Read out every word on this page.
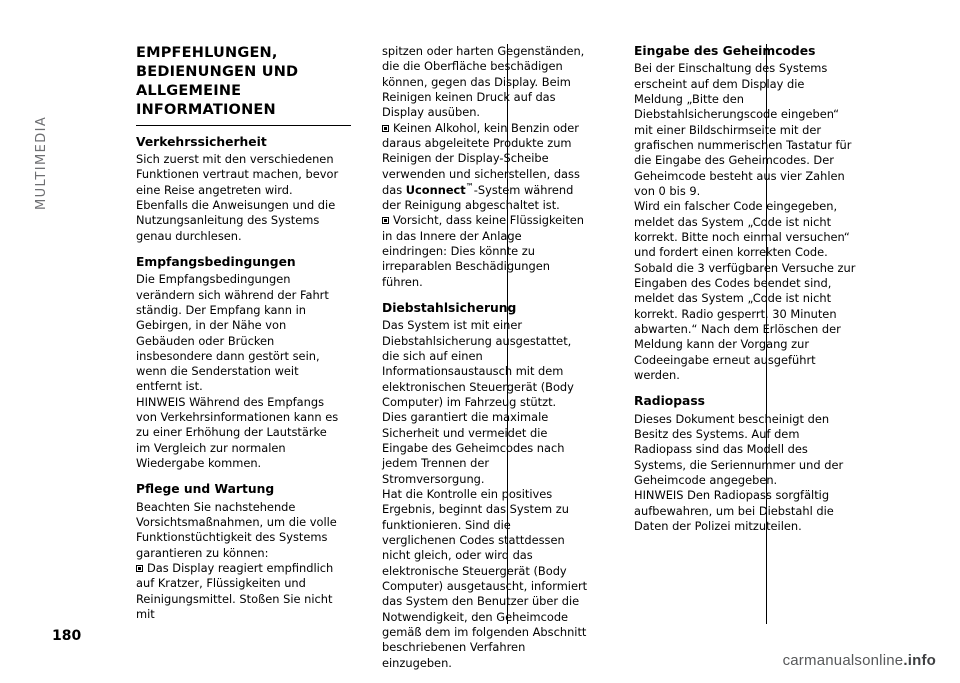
MULTIMEDIA
180
EMPFEHLUNGEN, BEDIENUNGEN UND ALLGEMEINE INFORMATIONEN
Verkehrssicherheit

Sich zuerst mit den verschiedenen Funktionen vertraut machen, bevor eine Reise angetreten wird. Ebenfalls die Anweisungen und die Nutzungsanleitung des Systems genau durchlesen.

Empfangsbedingungen

Die Empfangsbedingungen verändern sich während der Fahrt ständig. Der Empfang kann in Gebirgen, in der Nähe von Gebäuden oder Brücken insbesondere dann gestört sein, wenn die Senderstation weit entfernt ist.

HINWEIS Während des Empfangs von Verkehrsinformationen kann es zu einer Erhöhung der Lautstärke im Vergleich zur normalen Wiedergabe kommen.

Pflege und Wartung

Beachten Sie nachstehende Vorsichtsmaßnahmen, um die volle Funktionstüchtigkeit des Systems garantieren zu können:

Das Display reagiert empfindlich auf Kratzer, Flüssigkeiten und Reinigungsmittel. Stoßen Sie nicht mit

spitzen oder harten Gegenständen, die die Oberfläche beschädigen können, gegen das Display. Beim Reinigen keinen Druck auf das Display ausüben.

Keinen Alkohol, kein Benzin oder daraus abgeleitete Produkte zum Reinigen der Display-Scheibe verwenden und sicherstellen, dass das Uconnect™-System während der Reinigung abgeschaltet ist.

Vorsicht, dass keine Flüssigkeiten in das Innere der Anlage eindringen: Dies könnte zu irreparablen Beschädigungen führen.

Diebstahlsicherung

Das System ist mit einer Diebstahlsicherung ausgestattet, die sich auf einen Informationsaustausch mit dem elektronischen Steuergerät (Body Computer) im Fahrzeug stützt.

Dies garantiert die maximale Sicherheit und vermeidet die Eingabe des Geheimcodes nach jedem Trennen der Stromversorgung.

Hat die Kontrolle ein positives Ergebnis, beginnt das System zu funktionieren. Sind die verglichenen Codes stattdessen nicht gleich, oder wird das elektronische Steuergerät (Body Computer) ausgetauscht, informiert das System den Benutzer über die Notwendigkeit, den Geheimcode gemäß dem im folgenden Abschnitt beschriebenen Verfahren einzugeben.

Eingabe des Geheimcodes

Bei der Einschaltung des Systems erscheint auf dem Display die Meldung „Bitte den Diebstahlsicherungscode eingeben“ mit einer Bildschirmseite mit der grafischen nummerischen Tastatur für die Eingabe des Geheimcodes. Der Geheimcode besteht aus vier Zahlen von 0 bis 9.

Wird ein falscher Code eingegeben, meldet das System „Code ist nicht korrekt. Bitte noch einmal versuchen“ und fordert einen korrekten Code.

Sobald die 3 verfügbaren Versuche zur Eingaben des Codes beendet sind, meldet das System „Code ist nicht korrekt. Radio gesperrt. 30 Minuten abwarten.“ Nach dem Erlöschen der Meldung kann der Vorgang zur Codeeingabe erneut ausgeführt werden.

Radiopass

Dieses Dokument bescheinigt den Besitz des Systems. Auf dem Radiopass sind das Modell des Systems, die Seriennummer und der Geheimcode angegeben.

HINWEIS Den Radiopass sorgfältig aufbewahren, um bei Diebstahl die Daten der Polizei mitzuteilen.

carmanualsonline.info
